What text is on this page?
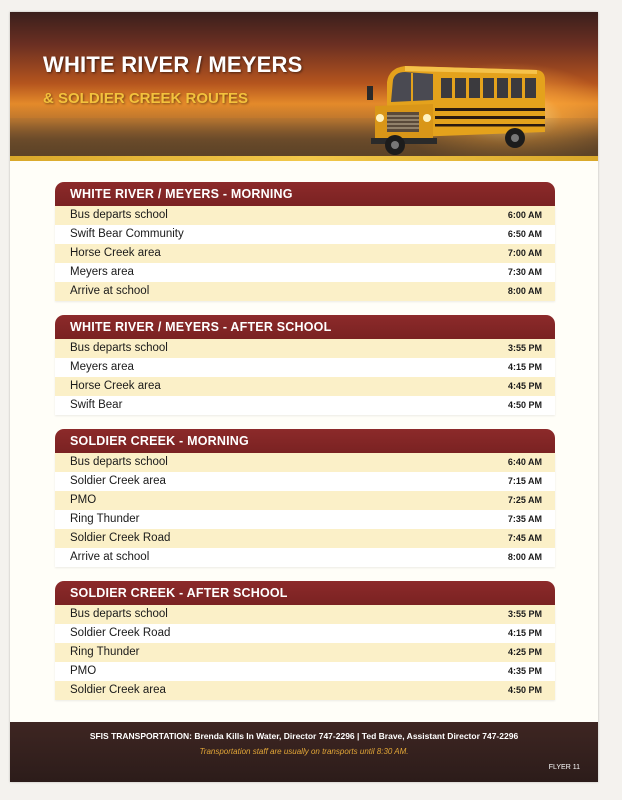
WHITE RIVER / MEYERS
& SOLDIER CREEK ROUTES
WHITE RIVER / MEYERS - MORNING
Bus departs school	6:00 AM
Swift Bear Community	6:50 AM
Horse Creek area	7:00 AM
Meyers area	7:30 AM
Arrive at school	8:00 AM
WHITE RIVER / MEYERS - AFTER SCHOOL
Bus departs school	3:55 PM
Meyers area	4:15 PM
Horse Creek area	4:45 PM
Swift Bear	4:50 PM
SOLDIER CREEK - MORNING
Bus departs school	6:40 AM
Soldier Creek area	7:15 AM
PMO	7:25 AM
Ring Thunder	7:35 AM
Soldier Creek Road	7:45 AM
Arrive at school	8:00 AM
SOLDIER CREEK - AFTER SCHOOL
Bus departs school	3:55 PM
Soldier Creek Road	4:15 PM
Ring Thunder	4:25 PM
PMO	4:35 PM
Soldier Creek area	4:50 PM
SFIS TRANSPORTATION: Brenda Kills In Water, Director 747-2296 | Ted Brave, Assistant Director 747-2296
Transportation staff are usually on transports until 8:30 AM.
FLYER 11
